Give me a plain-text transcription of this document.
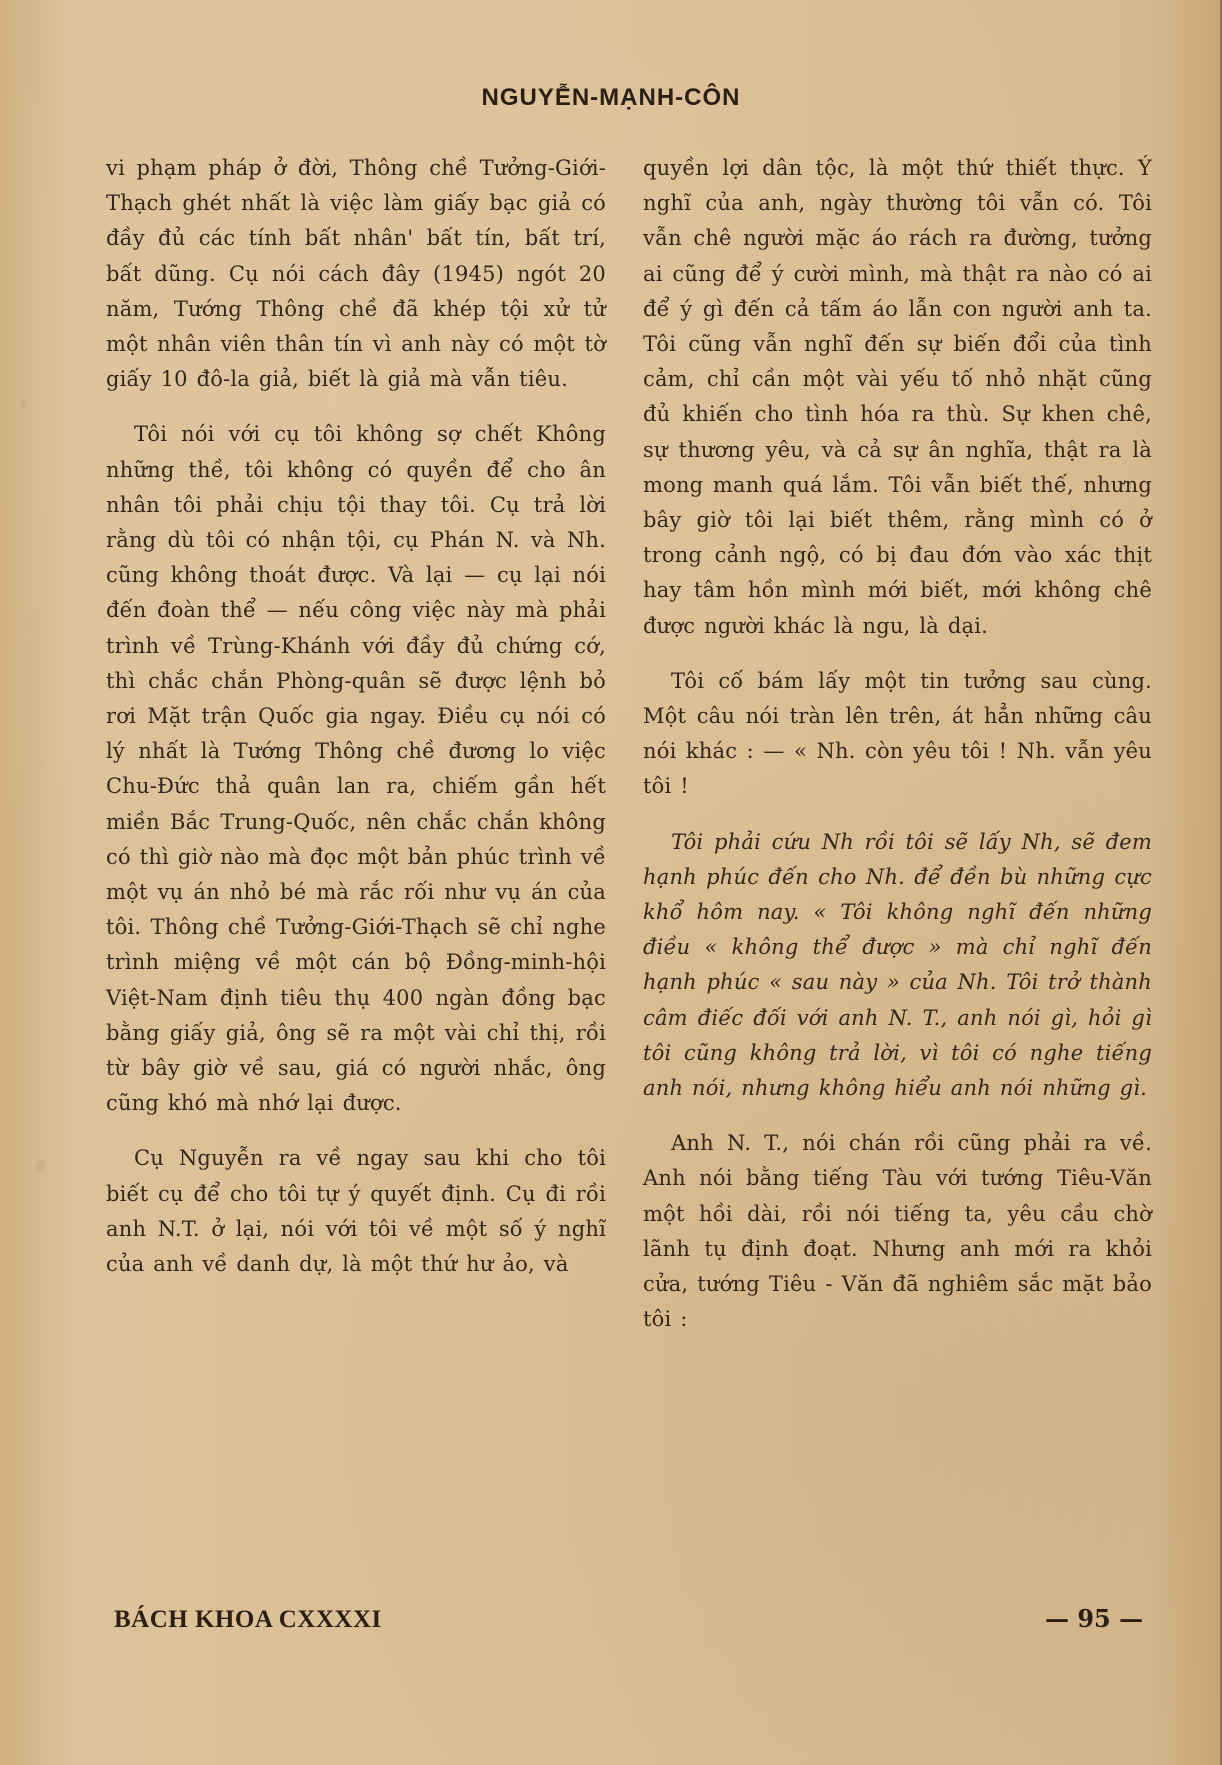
NGUYỄN-MẠNH-CÔN

vi phạm pháp ở đời, Thông chề Tưởng-Giới-Thạch ghét nhất là việc làm giấy bạc giả có đầy đủ các tính bất nhân' bất tín, bất trí, bất dũng. Cụ nói cách đây (1945) ngót 20 năm, Tướng Thông chề đã khép tội xử tử một nhân viên thân tín vì anh này có một tờ giấy 10 đô-la giả, biết là giả mà vẫn tiêu.

Tôi nói với cụ tôi không sợ chết Không những thề, tôi không có quyền để cho ân nhân tôi phải chịu tội thay tôi. Cụ trả lời rằng dù tôi có nhận tội, cụ Phán N. và Nh. cũng không thoát được. Và lại — cụ lại nói đến đoàn thể — nếu công việc này mà phải trình về Trùng-Khánh với đầy đủ chứng cớ, thì chắc chắn Phòng-quân sẽ được lệnh bỏ rơi Mặt trận Quốc gia ngay. Điều cụ nói có lý nhất là Tướng Thông chề đương lo việc Chu-Đức thả quân lan ra, chiếm gần hết miền Bắc Trung-Quốc, nên chắc chắn không có thì giờ nào mà đọc một bản phúc trình về một vụ án nhỏ bé mà rắc rối như vụ án của tôi. Thông chề Tưởng-Giới-Thạch sẽ chỉ nghe trình miệng về một cán bộ Đồng-minh-hội Việt-Nam định tiêu thụ 400 ngàn đồng bạc bằng giấy giả, ông sẽ ra một vài chỉ thị, rồi từ bây giờ về sau, giá có người nhắc, ông cũng khó mà nhớ lại được.

Cụ Nguyễn ra về ngay sau khi cho tôi biết cụ để cho tôi tự ý quyết định. Cụ đi rồi anh N.T. ở lại, nói với tôi về một số ý nghĩ của anh về danh dự, là một thứ hư ảo, và

quyền lợi dân tộc, là một thứ thiết thực. Ý nghĩ của anh, ngày thường tôi vẫn có. Tôi vẫn chê người mặc áo rách ra đường, tưởng ai cũng để ý cười mình, mà thật ra nào có ai để ý gì đến cả tấm áo lẫn con người anh ta. Tôi cũng vẫn nghĩ đến sự biến đổi của tình cảm, chỉ cần một vài yếu tố nhỏ nhặt cũng đủ khiến cho tình hóa ra thù. Sự khen chê, sự thương yêu, và cả sự ân nghĩa, thật ra là mong manh quá lắm. Tôi vẫn biết thế, nhưng bây giờ tôi lại biết thêm, rằng mình có ở trong cảnh ngộ, có bị đau đớn vào xác thịt hay tâm hồn mình mới biết, mới không chê được người khác là ngu, là dại.

Tôi cố bám lấy một tin tưởng sau cùng. Một câu nói tràn lên trên, át hẳn những câu nói khác : — « Nh. còn yêu tôi ! Nh. vẫn yêu tôi !

Tôi phải cứu Nh rồi tôi sẽ lấy Nh, sẽ đem hạnh phúc đến cho Nh. để đền bù những cực khổ hôm nay. « Tôi không nghĩ đến những điều « không thể được » mà chỉ nghĩ đến hạnh phúc « sau này » của Nh. Tôi trở thành câm điếc đối với anh N. T., anh nói gì, hỏi gì tôi cũng không trả lời, vì tôi có nghe tiếng anh nói, nhưng không hiểu anh nói những gì.

Anh N. T., nói chán rồi cũng phải ra về. Anh nói bằng tiếng Tàu với tướng Tiêu-Văn một hồi dài, rồi nói tiếng ta, yêu cầu chờ lãnh tụ định đoạt. Nhưng anh mới ra khỏi cửa, tướng Tiêu - Văn đã nghiêm sắc mặt bảo tôi :

BÁCH KHOA CXXXXI	— 95 —
